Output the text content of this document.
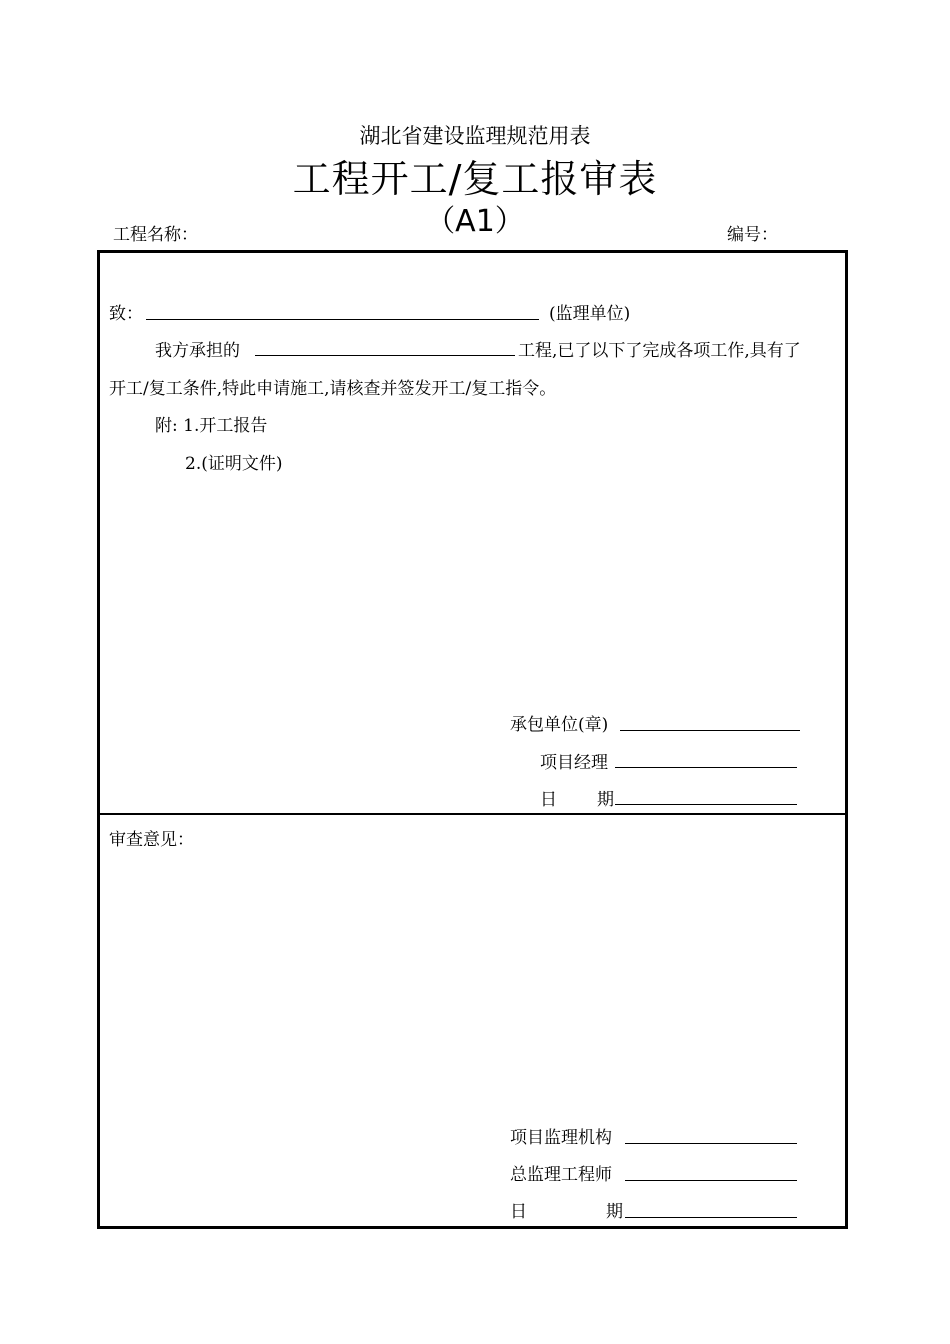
湖北省建设监理规范用表
工程开工/复工报审表
（A1）
工程名称：	编号：
致：	(监理单位)
我方承担的	工程,已了以下了完成各项工作,具有了
开工/复工条件,特此申请施工,请核查并签发开工/复工指令。
附: 1.开工报告
2.(证明文件)
承包单位(章)
项目经理
日 期
审查意见：
项目监理机构
总监理工程师
日	期
